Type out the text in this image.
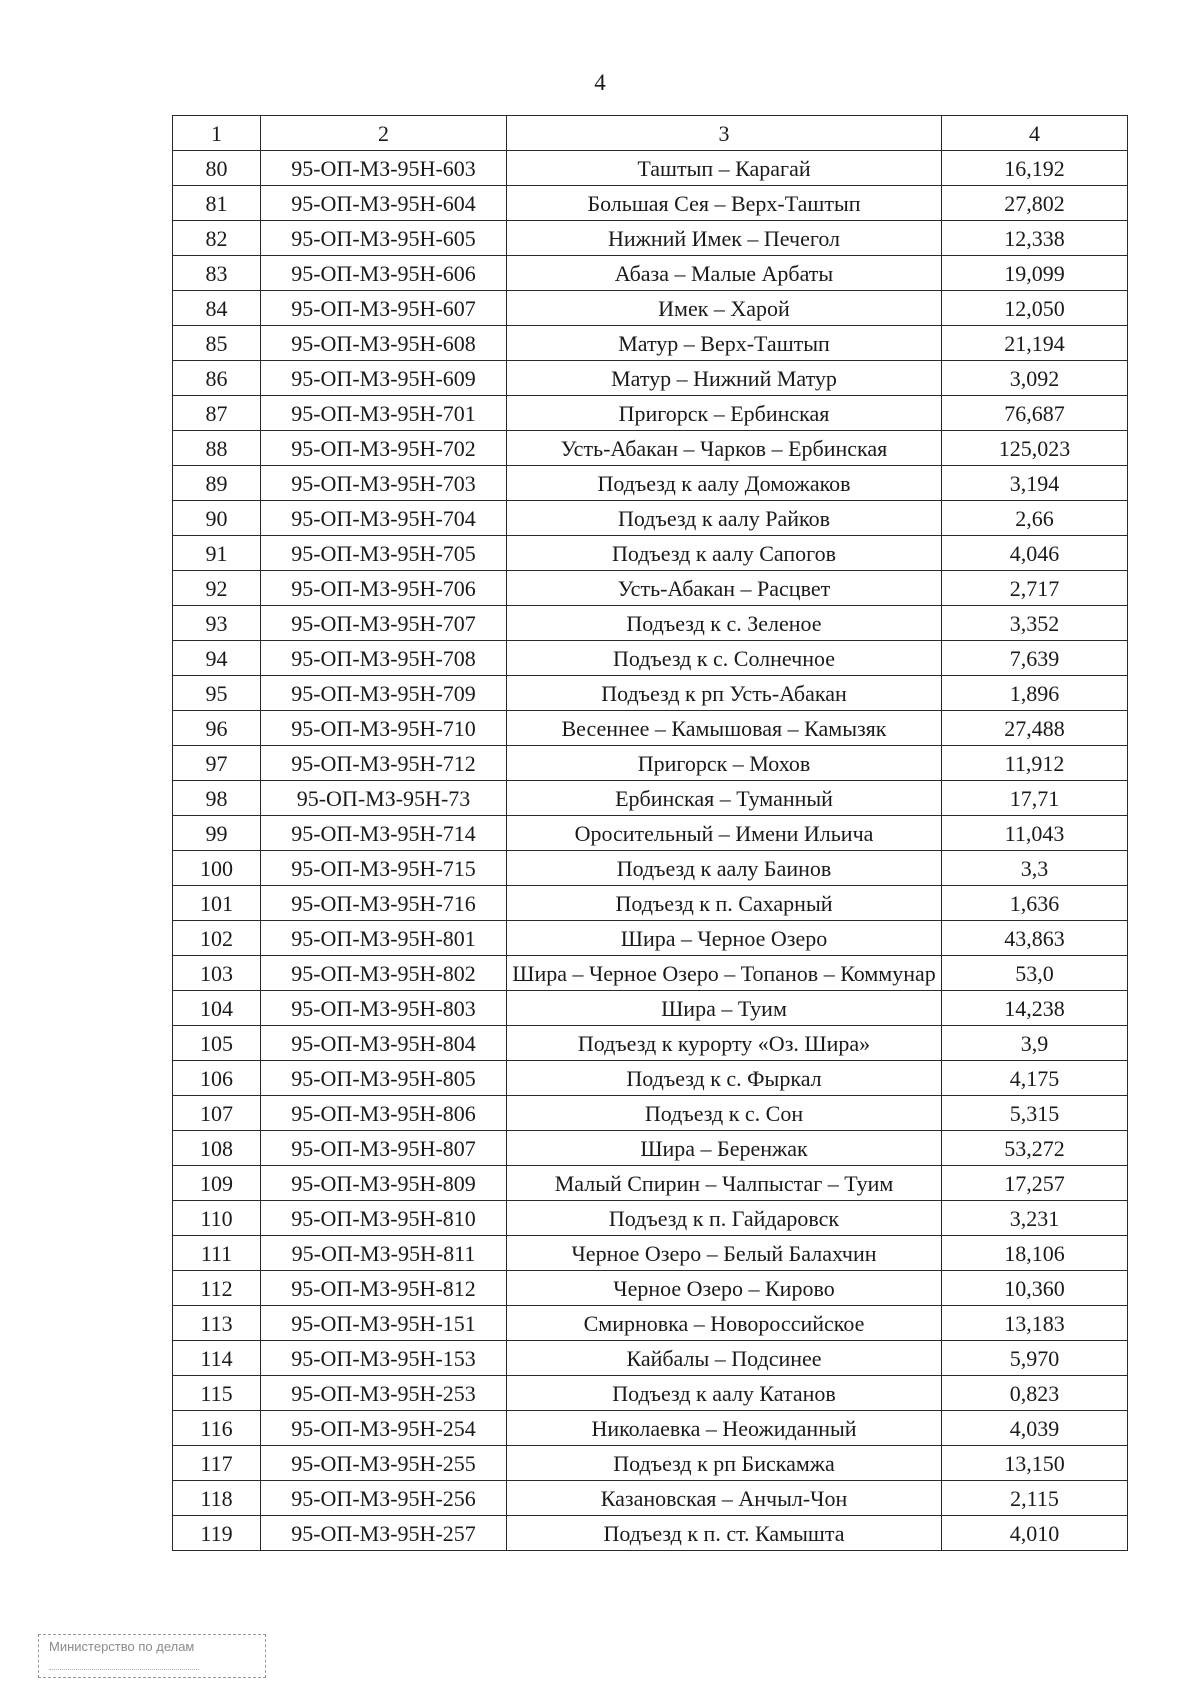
4
1	2	3	4
80	95-ОП-МЗ-95Н-603	Таштып – Карагай	16,192
81	95-ОП-МЗ-95Н-604	Большая Сея – Верх-Таштып	27,802
82	95-ОП-МЗ-95Н-605	Нижний Имек – Печегол	12,338
83	95-ОП-МЗ-95Н-606	Абаза – Малые Арбаты	19,099
84	95-ОП-МЗ-95Н-607	Имек – Харой	12,050
85	95-ОП-МЗ-95Н-608	Матур – Верх-Таштып	21,194
86	95-ОП-МЗ-95Н-609	Матур – Нижний Матур	3,092
87	95-ОП-МЗ-95Н-701	Пригорск – Ербинская	76,687
88	95-ОП-МЗ-95Н-702	Усть-Абакан – Чарков – Ербинская	125,023
89	95-ОП-МЗ-95Н-703	Подъезд к аалу Доможаков	3,194
90	95-ОП-МЗ-95Н-704	Подъезд к аалу Райков	2,66
91	95-ОП-МЗ-95Н-705	Подъезд к аалу Сапогов	4,046
92	95-ОП-МЗ-95Н-706	Усть-Абакан – Расцвет	2,717
93	95-ОП-МЗ-95Н-707	Подъезд к с. Зеленое	3,352
94	95-ОП-МЗ-95Н-708	Подъезд к с. Солнечное	7,639
95	95-ОП-МЗ-95Н-709	Подъезд к рп Усть-Абакан	1,896
96	95-ОП-МЗ-95Н-710	Весеннее – Камышовая – Камызяк	27,488
97	95-ОП-МЗ-95Н-712	Пригорск – Мохов	11,912
98	95-ОП-МЗ-95Н-73	Ербинская – Туманный	17,71
99	95-ОП-МЗ-95Н-714	Оросительный – Имени Ильича	11,043
100	95-ОП-МЗ-95Н-715	Подъезд к аалу Баинов	3,3
101	95-ОП-МЗ-95Н-716	Подъезд к п. Сахарный	1,636
102	95-ОП-МЗ-95Н-801	Шира – Черное Озеро	43,863
103	95-ОП-МЗ-95Н-802	Шира – Черное Озеро – Топанов – Коммунар	53,0
104	95-ОП-МЗ-95Н-803	Шира – Туим	14,238
105	95-ОП-МЗ-95Н-804	Подъезд к курорту «Оз. Шира»	3,9
106	95-ОП-МЗ-95Н-805	Подъезд к с. Фыркал	4,175
107	95-ОП-МЗ-95Н-806	Подъезд к с. Сон	5,315
108	95-ОП-МЗ-95Н-807	Шира – Беренжак	53,272
109	95-ОП-МЗ-95Н-809	Малый Спирин – Чалпыстаг – Туим	17,257
110	95-ОП-МЗ-95Н-810	Подъезд к п. Гайдаровск	3,231
111	95-ОП-МЗ-95Н-811	Черное Озеро – Белый Балахчин	18,106
112	95-ОП-МЗ-95Н-812	Черное Озеро – Кирово	10,360
113	95-ОП-МЗ-95Н-151	Смирновка – Новороссийское	13,183
114	95-ОП-МЗ-95Н-153	Кайбалы – Подсинее	5,970
115	95-ОП-МЗ-95Н-253	Подъезд к аалу Катанов	0,823
116	95-ОП-МЗ-95Н-254	Николаевка – Неожиданный	4,039
117	95-ОП-МЗ-95Н-255	Подъезд к рп Бискамжа	13,150
118	95-ОП-МЗ-95Н-256	Казановская – Анчыл-Чон	2,115
119	95-ОП-МЗ-95Н-257	Подъезд к п. ст. Камышта	4,010
Министерство по делам
